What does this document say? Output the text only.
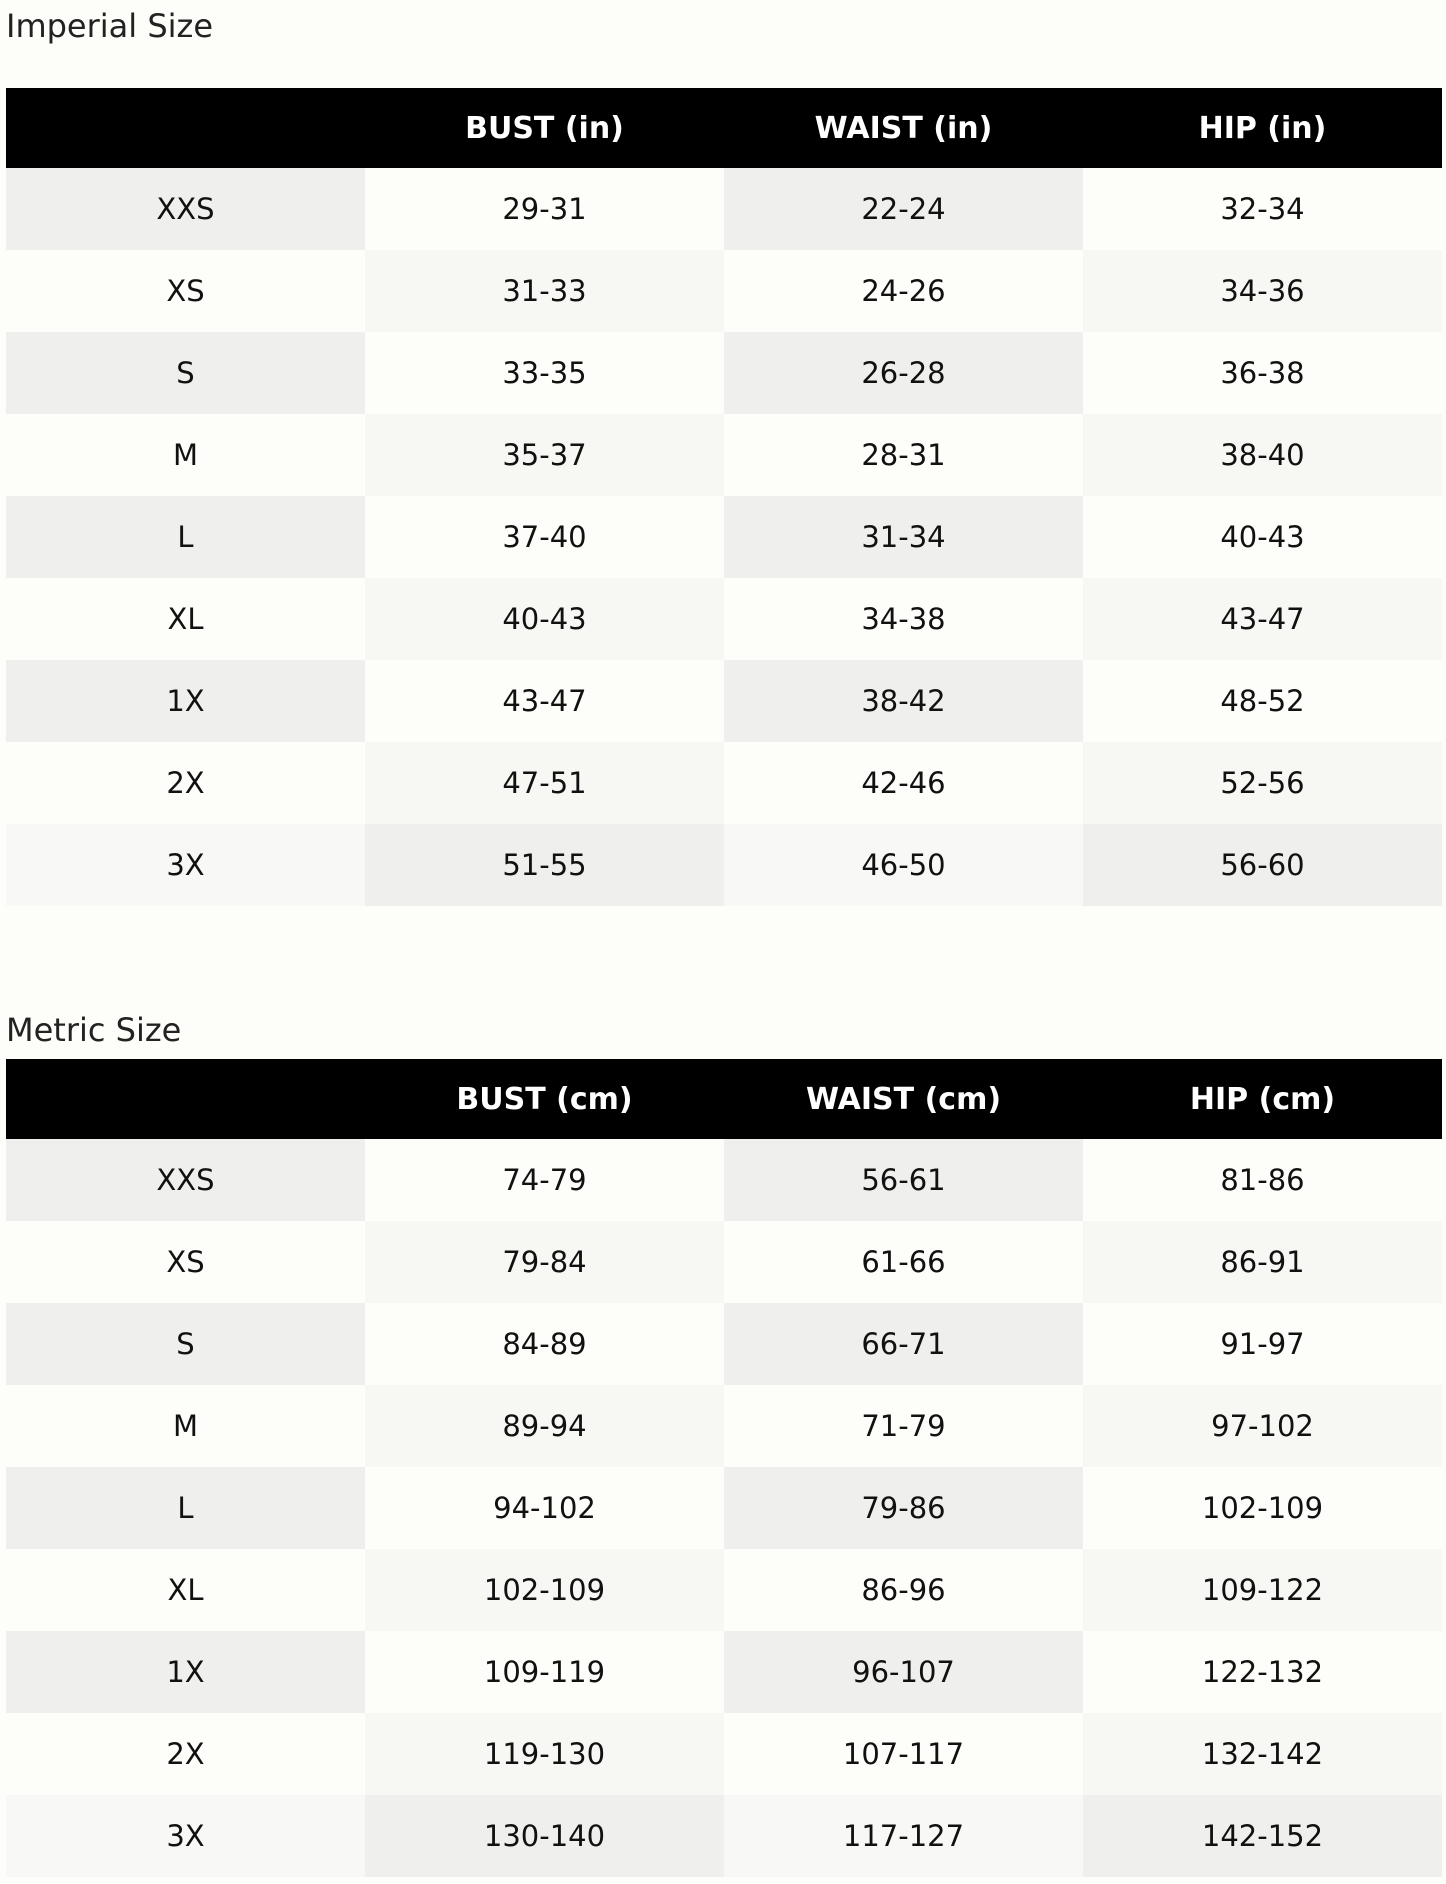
Imperial Size
	BUST (in)	WAIST (in)	HIP (in)
XXS	29-31	22-24	32-34
XS	31-33	24-26	34-36
S	33-35	26-28	36-38
M	35-37	28-31	38-40
L	37-40	31-34	40-43
XL	40-43	34-38	43-47
1X	43-47	38-42	48-52
2X	47-51	42-46	52-56
3X	51-55	46-50	56-60
Metric Size
	BUST (cm)	WAIST (cm)	HIP (cm)
XXS	74-79	56-61	81-86
XS	79-84	61-66	86-91
S	84-89	66-71	91-97
M	89-94	71-79	97-102
L	94-102	79-86	102-109
XL	102-109	86-96	109-122
1X	109-119	96-107	122-132
2X	119-130	107-117	132-142
3X	130-140	117-127	142-152
